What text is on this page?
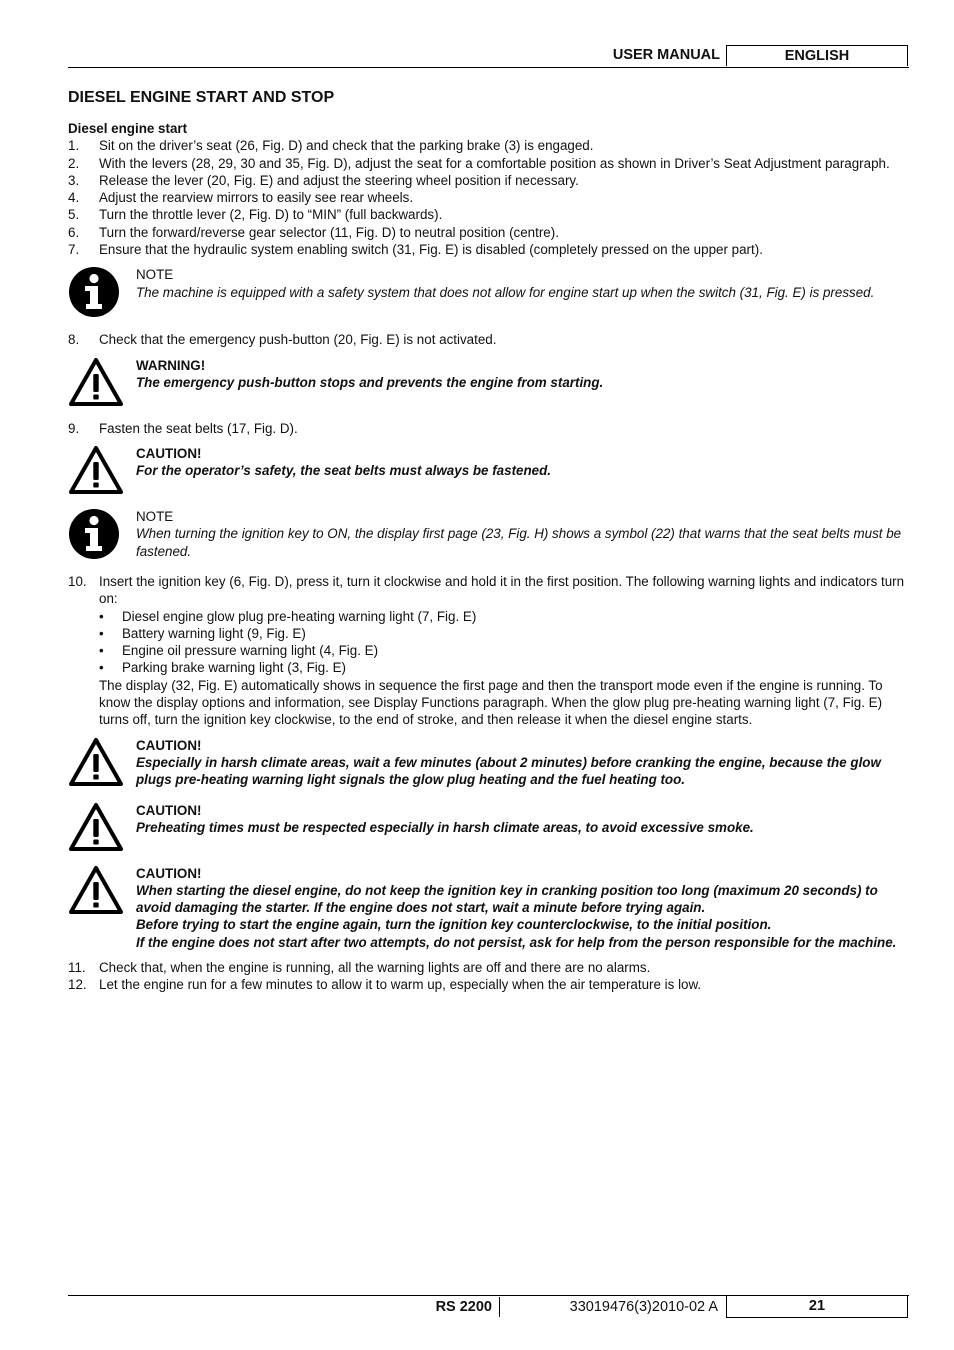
USER MANUAL	ENGLISH
DIESEL ENGINE START AND STOP
Diesel engine start
1.	Sit on the driver’s seat (26, Fig. D) and check that the parking brake (3) is engaged.
2.	With the levers (28, 29, 30 and 35, Fig. D), adjust the seat for a comfortable position as shown in Driver’s Seat Adjustment paragraph.
3.	Release the lever (20, Fig. E) and adjust the steering wheel position if necessary.
4.	Adjust the rearview mirrors to easily see rear wheels.
5.	Turn the throttle lever (2, Fig. D) to “MIN” (full backwards).
6.	Turn the forward/reverse gear selector (11, Fig. D) to neutral position (centre).
7.	Ensure that the hydraulic system enabling switch (31, Fig. E) is disabled (completely pressed on the upper part).

NOTE

The machine is equipped with a safety system that does not allow for engine start up when the switch (31, Fig. E) is pressed.

8.	Check that the emergency push-button (20, Fig. E) is not activated.

WARNING!

The emergency push-button stops and prevents the engine from starting.

9.	Fasten the seat belts (17, Fig. D).

CAUTION!

For the operator’s safety, the seat belts must always be fastened.

NOTE

When turning the ignition key to ON, the display first page (23, Fig. H) shows a symbol (22) that warns that the seat belts must be fastened.

10. Insert the ignition key (6, Fig. D), press it, turn it clockwise and hold it in the first position. The following warning lights and indicators turn on:
•	Diesel engine glow plug pre-heating warning light (7, Fig. E)
•	Battery warning light (9, Fig. E)
•	Engine oil pressure warning light (4, Fig. E)
•	Parking brake warning light (3, Fig. E)
The display (32, Fig. E) automatically shows in sequence the first page and then the transport mode even if the engine is running. To know the display options and information, see Display Functions paragraph. When the glow plug pre-heating warning light (7, Fig. E) turns off, turn the ignition key clockwise, to the end of stroke, and then release it when the diesel engine starts.

CAUTION!

Especially in harsh climate areas, wait a few minutes (about 2 minutes) before cranking the engine, because the glow plugs pre-heating warning light signals the glow plug heating and the fuel heating too.

CAUTION!

Preheating times must be respected especially in harsh climate areas, to avoid excessive smoke.

CAUTION!

When starting the diesel engine, do not keep the ignition key in cranking position too long (maximum 20 seconds) to avoid damaging the starter. If the engine does not start, wait a minute before trying again.

Before trying to start the engine again, turn the ignition key counterclockwise, to the initial position.

If the engine does not start after two attempts, do not persist, ask for help from the person responsible for the machine.

11. Check that, when the engine is running, all the warning lights are off and there are no alarms.
12. Let the engine run for a few minutes to allow it to warm up, especially when the air temperature is low.
RS 2200	33019476(3)2010-02 A	21
